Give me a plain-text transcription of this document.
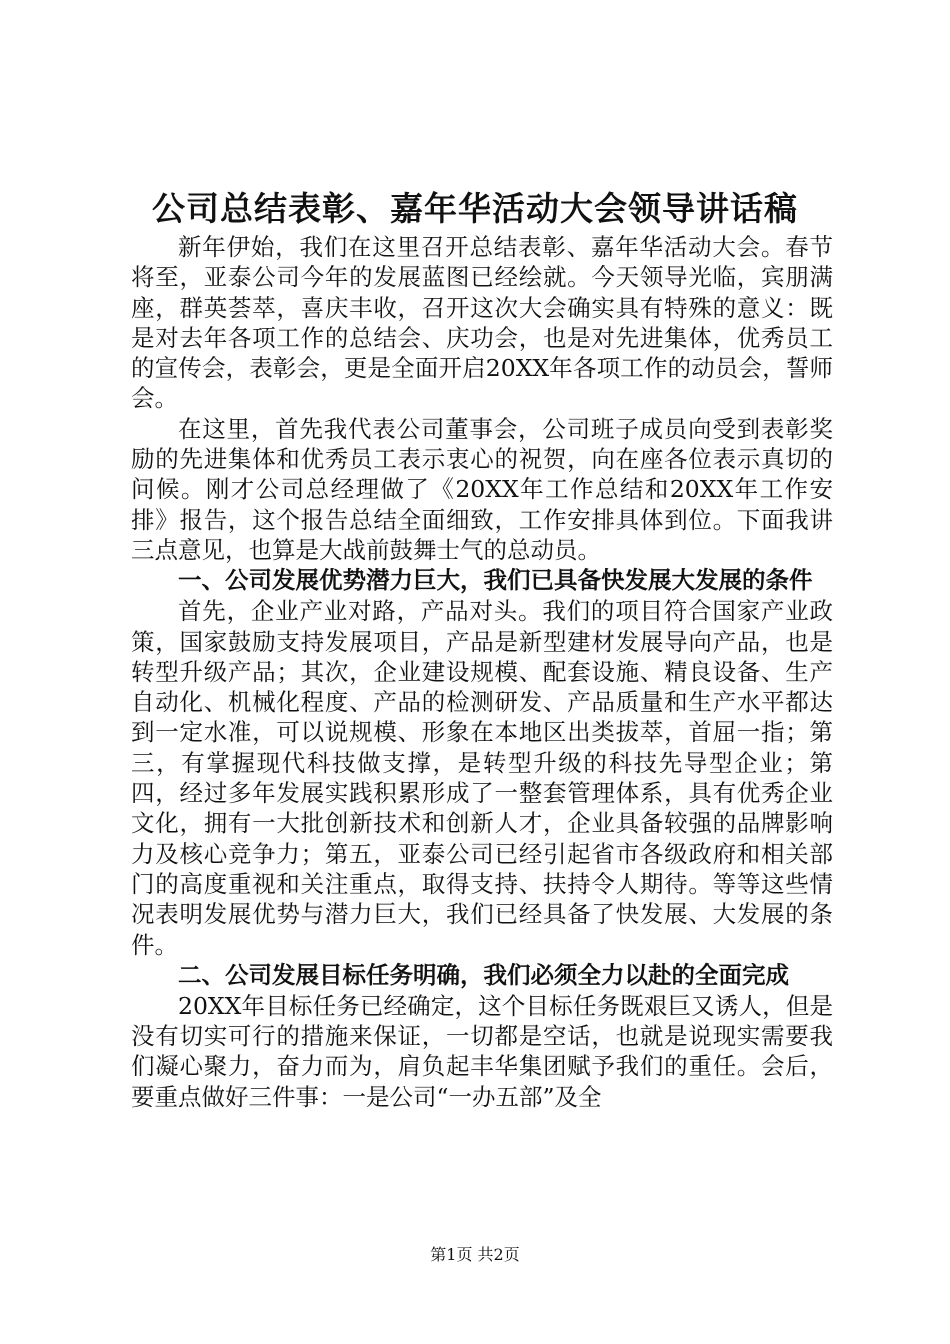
公司总结表彰、嘉年华活动大会领导讲话稿

新年伊始，我们在这里召开总结表彰、嘉年华活动大会。春节将至，亚泰公司今年的发展蓝图已经绘就。今天领导光临，宾朋满座，群英荟萃，喜庆丰收，召开这次大会确实具有特殊的意义：既是对去年各项工作的总结会、庆功会，也是对先进集体，优秀员工的宣传会，表彰会，更是全面开启20XX年各项工作的动员会，誓师会。

在这里，首先我代表公司董事会，公司班子成员向受到表彰奖励的先进集体和优秀员工表示衷心的祝贺，向在座各位表示真切的问候。刚才公司总经理做了《20XX年工作总结和20XX年工作安排》报告，这个报告总结全面细致，工作安排具体到位。下面我讲三点意见，也算是大战前鼓舞士气的总动员。

一、公司发展优势潜力巨大，我们已具备快发展大发展的条件

首先，企业产业对路，产品对头。我们的项目符合国家产业政策，国家鼓励支持发展项目，产品是新型建材发展导向产品，也是转型升级产品；其次，企业建设规模、配套设施、精良设备、生产自动化、机械化程度、产品的检测研发、产品质量和生产水平都达到一定水准，可以说规模、形象在本地区出类拔萃，首屈一指；第三，有掌握现代科技做支撑，是转型升级的科技先导型企业；第四，经过多年发展实践积累形成了一整套管理体系，具有优秀企业文化，拥有一大批创新技术和创新人才，企业具备较强的品牌影响力及核心竞争力；第五，亚泰公司已经引起省市各级政府和相关部门的高度重视和关注重点，取得支持、扶持令人期待。等等这些情况表明发展优势与潜力巨大，我们已经具备了快发展、大发展的条件。

二、公司发展目标任务明确，我们必须全力以赴的全面完成

20XX年目标任务已经确定，这个目标任务既艰巨又诱人，但是没有切实可行的措施来保证，一切都是空话，也就是说现实需要我们凝心聚力，奋力而为，肩负起丰华集团赋予我们的重任。会后，要重点做好三件事：一是公司“一办五部”及全

第1页 共2页
